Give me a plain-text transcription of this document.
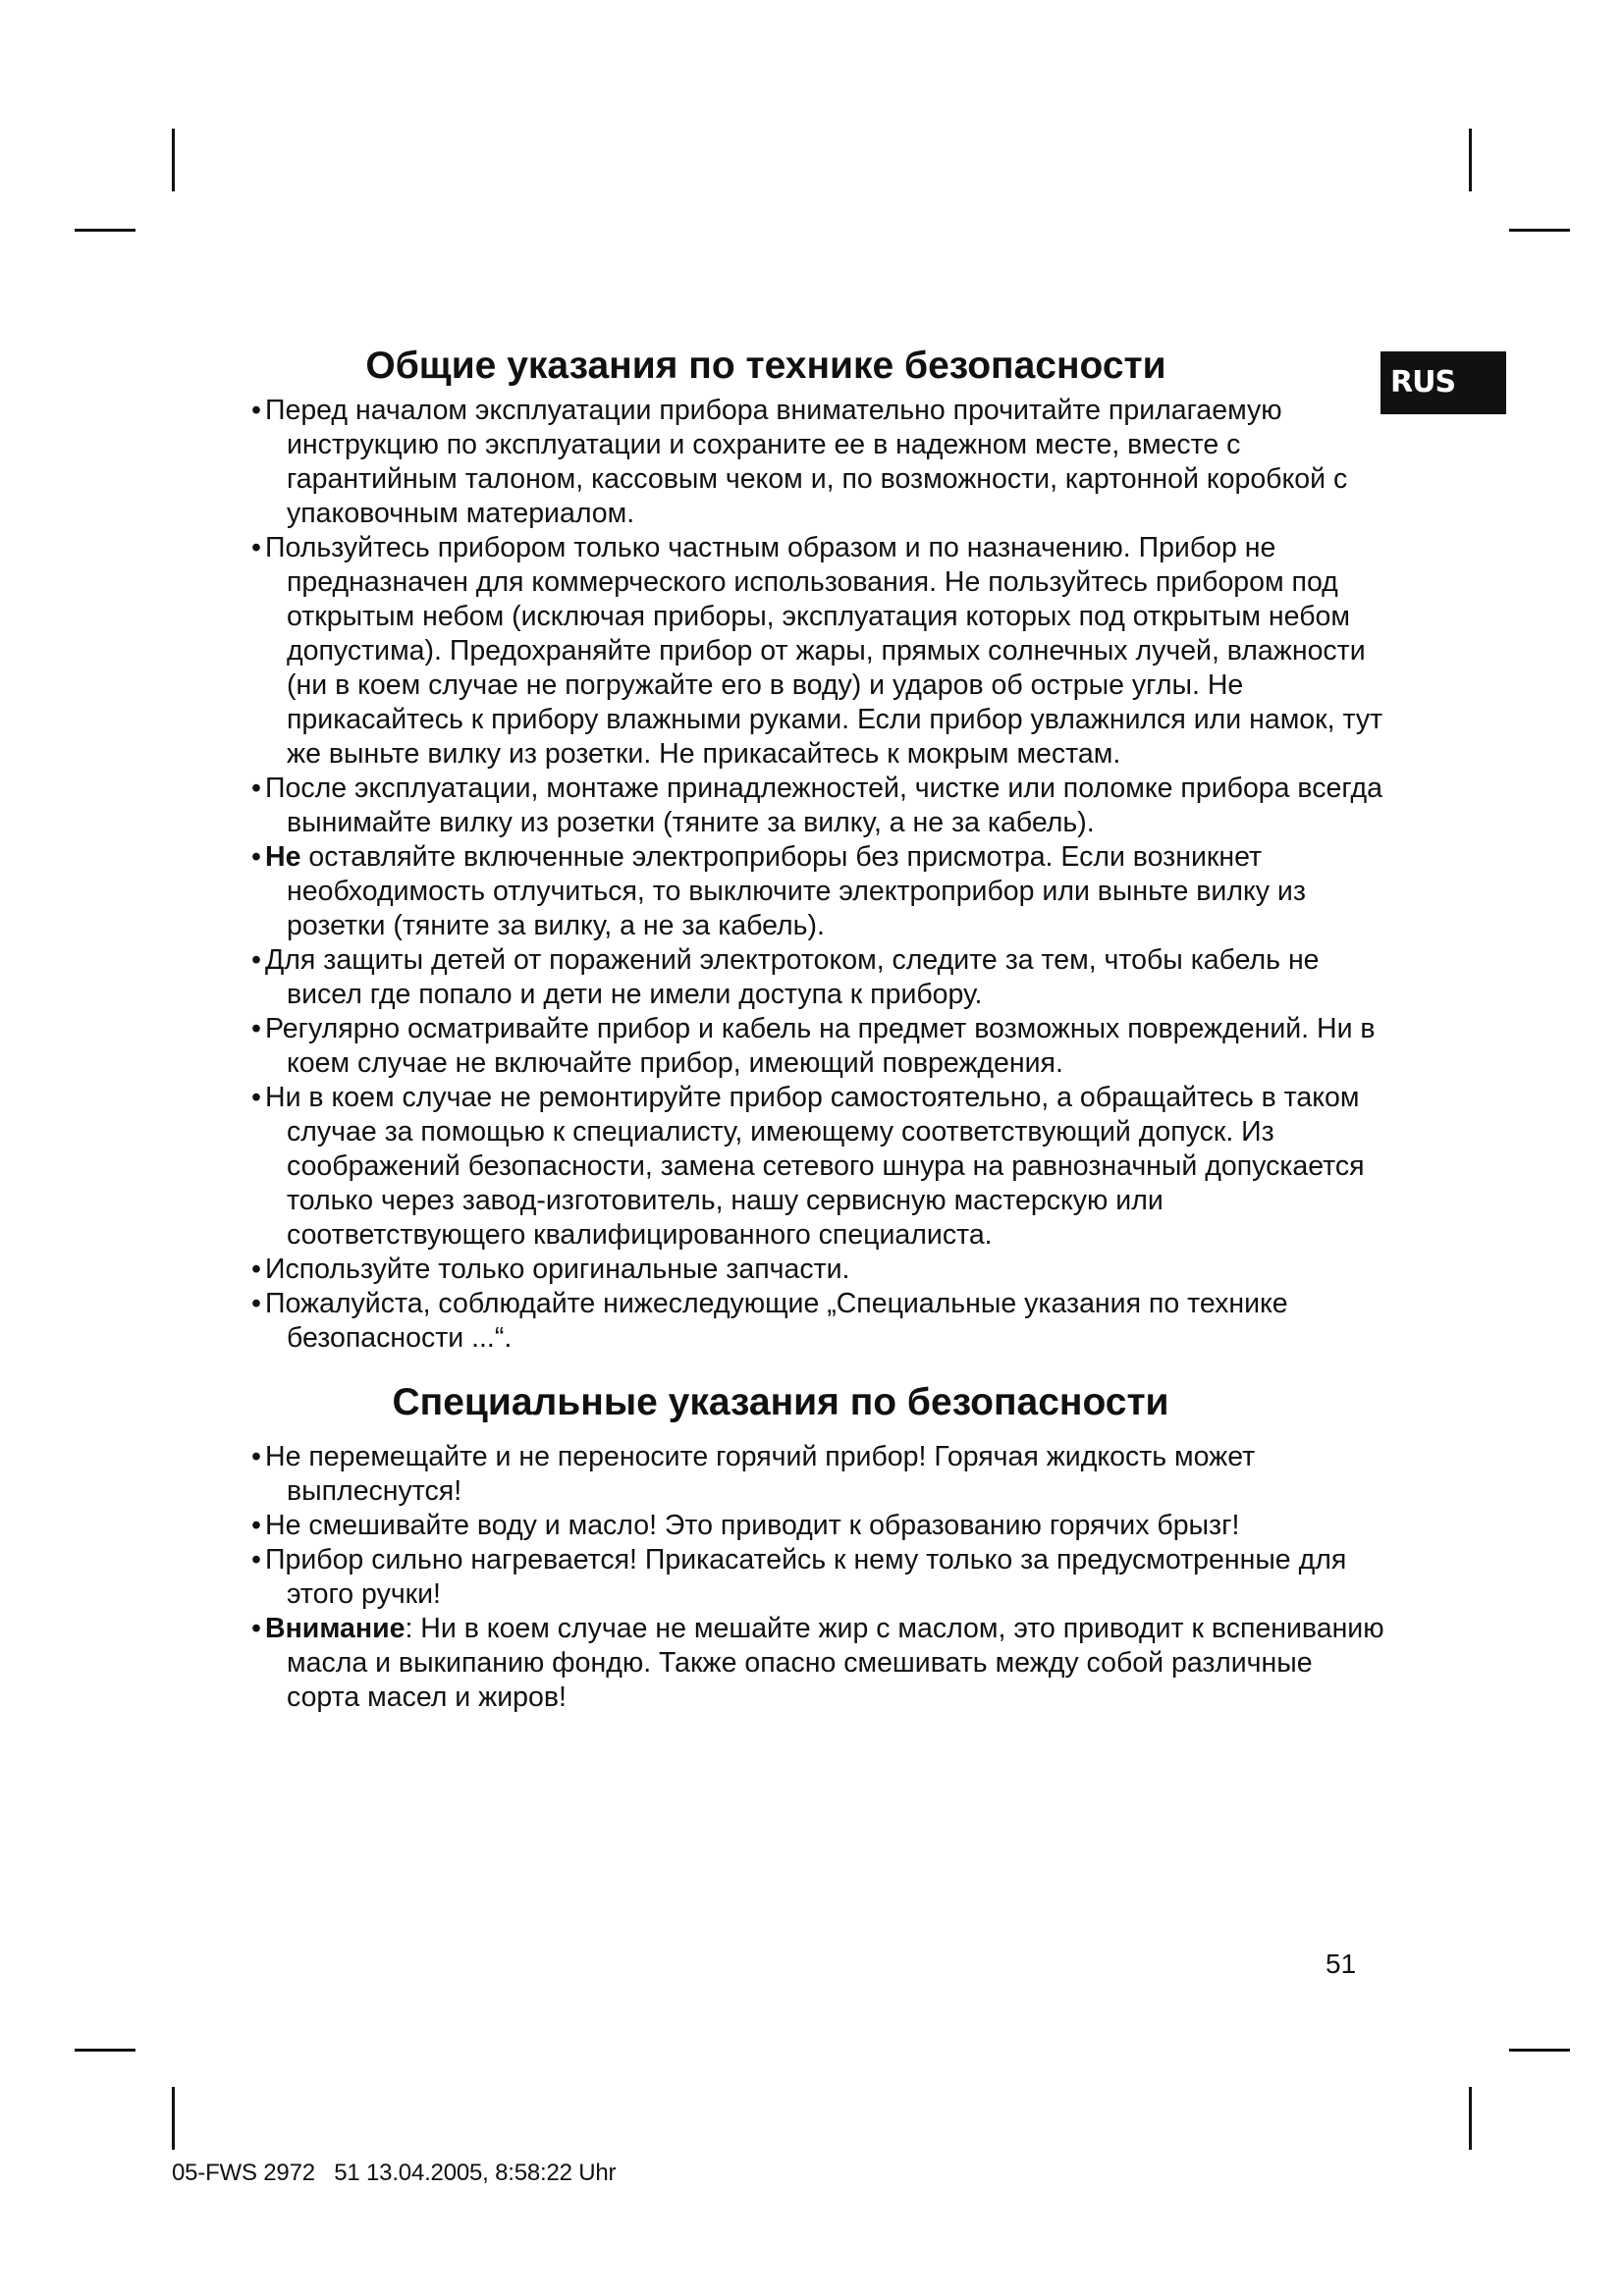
RUS
Общие указания по технике безопасности
• Перед началом эксплуатации прибора внимательно прочитайте прилагаемую инструкцию по эксплуатации и сохраните ее в надежном месте, вместе с гарантийным талоном, кассовым чеком и, по возможности, картонной коробкой с упаковочным материалом.
• Пользуйтесь прибором только частным образом и по назначению. Прибор не предназначен для коммерческого использования. Не пользуйтесь прибором под открытым небом (исключая приборы, эксплуатация которых под открытым небом допустима). Предохраняйте прибор от жары, прямых солнечных лучей, влажности (ни в коем случае не погружайте его в воду) и ударов об острые углы. Не прикасайтесь к прибору влажными руками. Если прибор увлажнился или намок, тут же выньте вилку из розетки. Не прикасайтесь к мокрым местам.
• После эксплуатации, монтаже принадлежностей, чистке или поломке прибора всегда вынимайте вилку из розетки (тяните за вилку, а не за кабель).
• Не оставляйте включенные электроприборы без присмотра. Если возникнет необходимость отлучиться, то выключите электроприбор или выньте вилку из розетки (тяните за вилку, а не за кабель).
• Для защиты детей от поражений электротоком, следите за тем, чтобы кабель не висел где попало и дети не имели доступа к прибору.
• Регулярно осматривайте прибор и кабель на предмет возможных повреждений. Ни в коем случае не включайте прибор, имеющий повреждения.
• Ни в коем случае не ремонтируйте прибор самостоятельно, а обращайтесь в таком случае за помощью к специалисту, имеющему соответствующий допуск. Из соображений безопасности, замена сетевого шнура на равнозначный допускается только через завод-изготовитель, нашу сервисную мастерскую или соответствующего квалифицированного специалиста.
• Используйте только оригинальные запчасти.
• Пожалуйста, соблюдайте нижеследующие „Специальные указания по технике безопасности ...“.
Специальные указания по безопасности
• Не перемещайте и не переносите горячий прибор! Горячая жидкость может выплеснутся!
• Не смешивайте воду и масло! Это приводит к образованию горячих брызг!
• Прибор сильно нагревается! Прикасатейсь к нему только за предусмотренные для этого ручки!
• Внимание: Ни в коем случае не мешайте жир с маслом, это приводит к вспениванию масла и выкипанию фондю. Также опасно смешивать между собой различные сорта масел и жиров!
51
05-FWS 2972   51 13.04.2005, 8:58:22 Uhr
